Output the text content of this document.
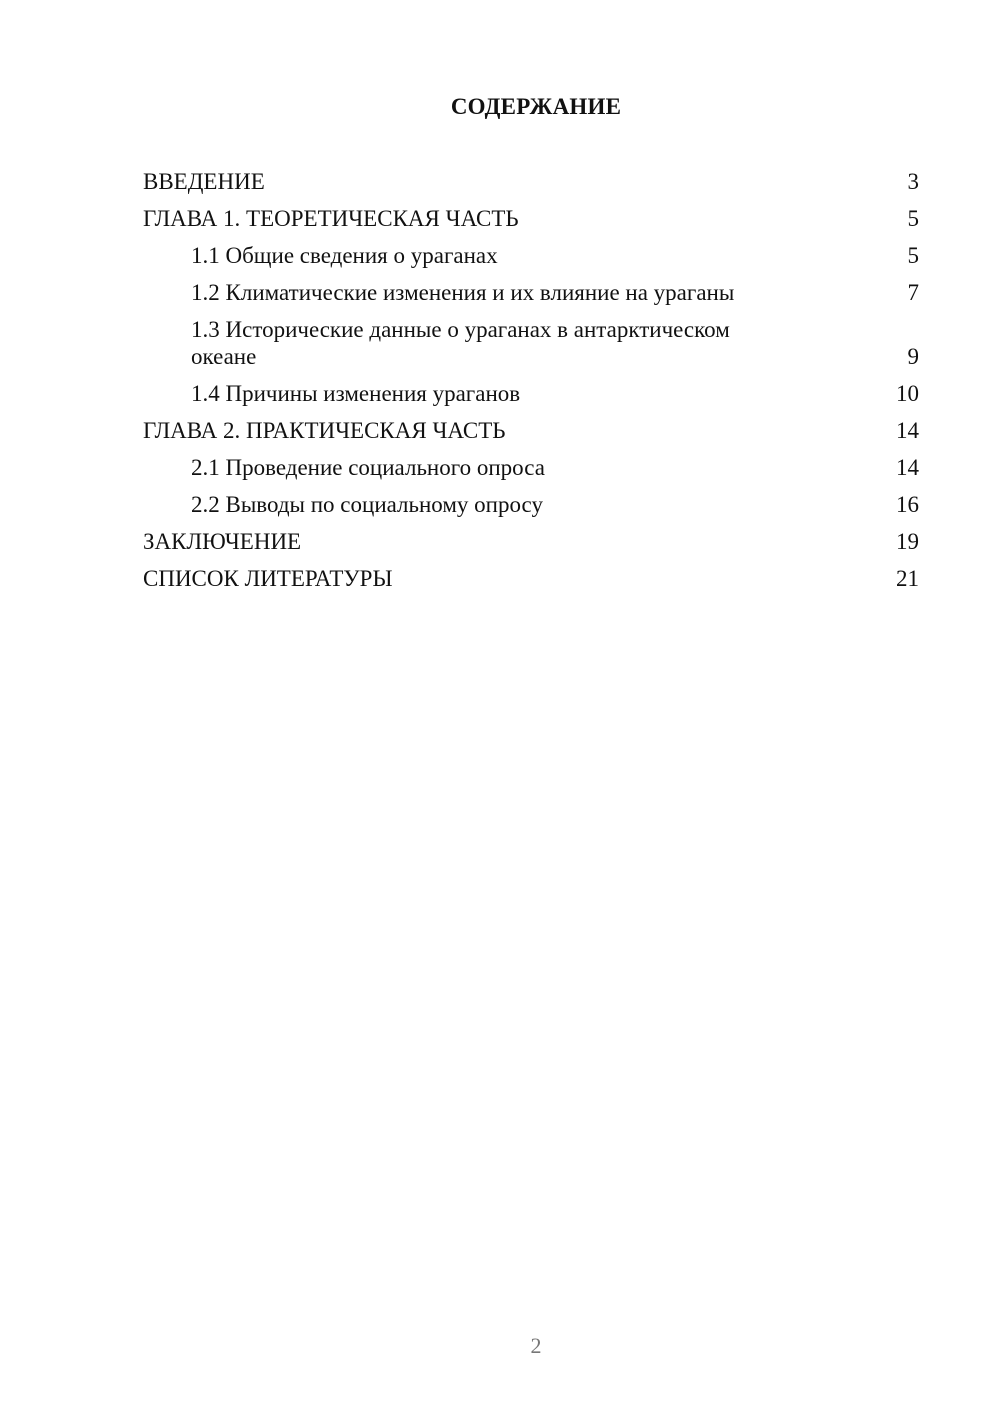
СОДЕРЖАНИЕ
ВВЕДЕНИЕ	3
ГЛАВА 1. ТЕОРЕТИЧЕСКАЯ ЧАСТЬ	5
1.1 Общие сведения о ураганах	5
1.2 Климатические изменения и их влияние на ураганы	7
1.3 Исторические данные о ураганах в антарктическом океане	9
1.4 Причины изменения ураганов	10
ГЛАВА 2. ПРАКТИЧЕСКАЯ ЧАСТЬ	14
2.1 Проведение социального опроса	14
2.2 Выводы по социальному опросу	16
ЗАКЛЮЧЕНИЕ	19
СПИСОК ЛИТЕРАТУРЫ	21
2
